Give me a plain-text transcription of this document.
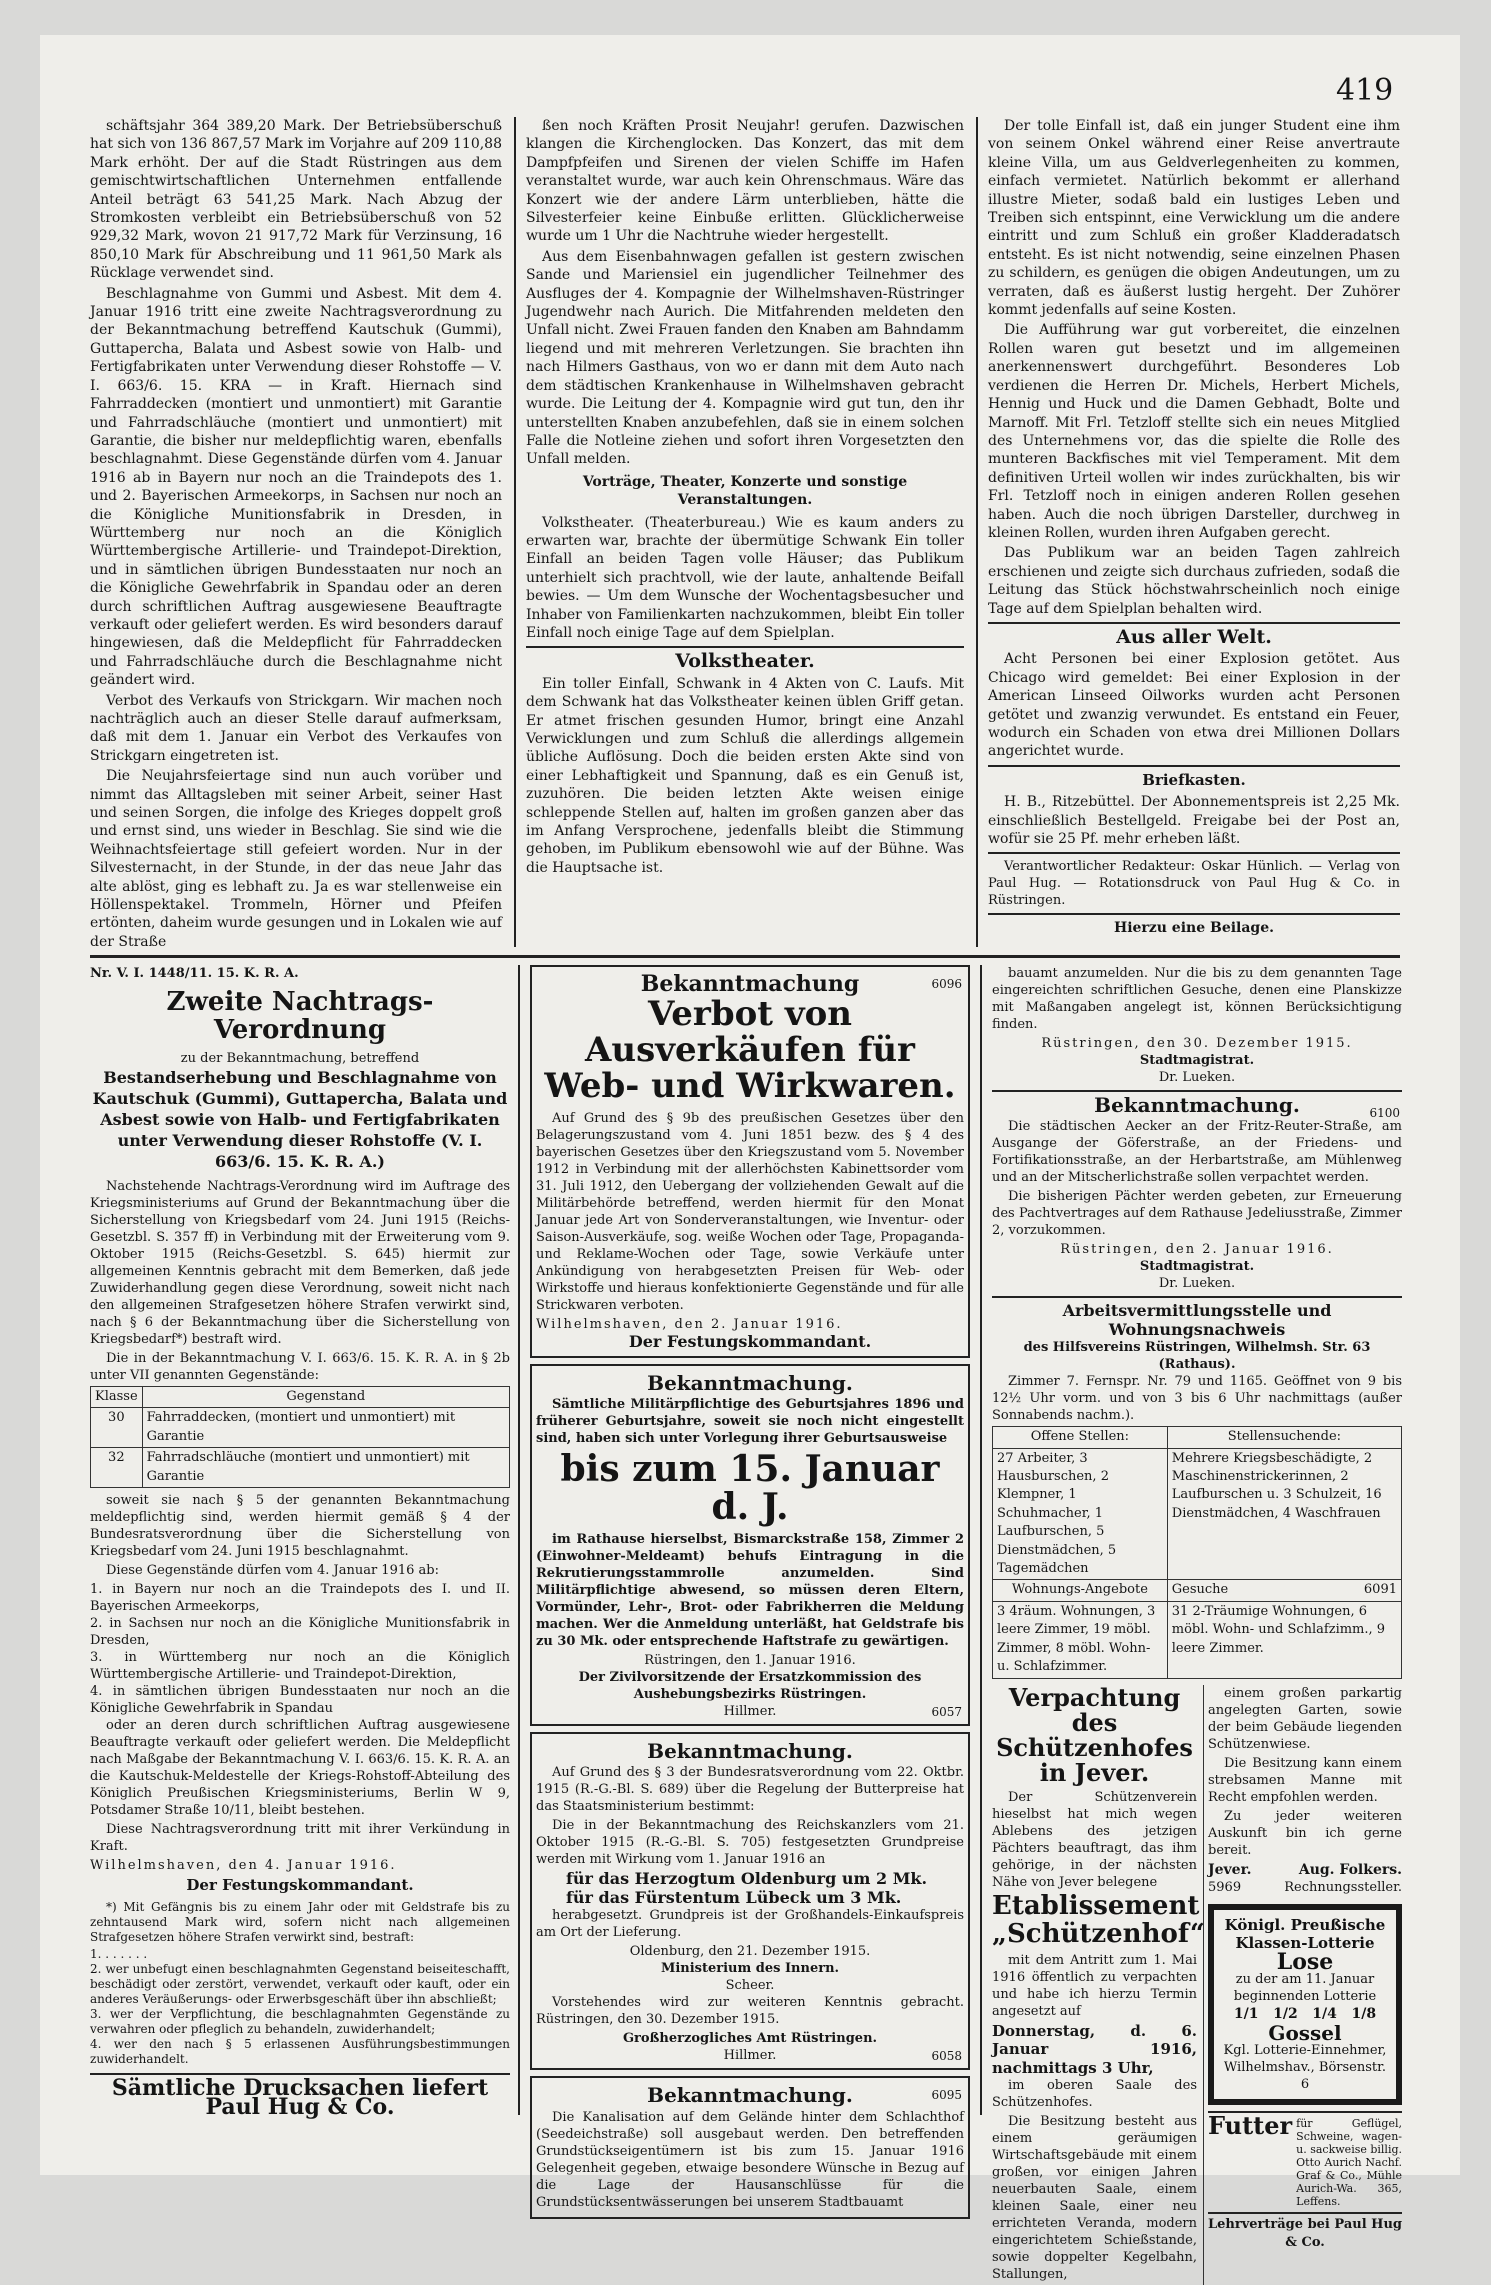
419

schäftsjahr 364 389,20 Mark. Der Betriebsüberschuß hat sich von 136 867,57 Mark im Vorjahre auf 209 110,88 Mark erhöht. Der auf die Stadt Rüstringen aus dem gemischtwirtschaftlichen Unternehmen entfallende Anteil beträgt 63 541,25 Mark. Nach Abzug der Stromkosten verbleibt ein Betriebsüberschuß von 52 929,32 Mark, wovon 21 917,72 Mark für Verzinsung, 16 850,10 Mark für Abschreibung und 11 961,50 Mark als Rücklage verwendet sind.

Beschlagnahme von Gummi und Asbest. Mit dem 4. Januar 1916 tritt eine zweite Nachtragsverordnung zu der Bekanntmachung betreffend Kautschuk (Gummi), Guttapercha, Balata und Asbest sowie von Halb- und Fertigfabrikaten unter Verwendung dieser Rohstoffe — V. I. 663/6. 15. KRA — in Kraft. Hiernach sind Fahrraddecken (montiert und unmontiert) mit Garantie und Fahrradschläuche (montiert und unmontiert) mit Garantie, die bisher nur meldepflichtig waren, ebenfalls beschlagnahmt. Diese Gegenstände dürfen vom 4. Januar 1916 ab in Bayern nur noch an die Traindepots des 1. und 2. Bayerischen Armeekorps, in Sachsen nur noch an die Königliche Munitionsfabrik in Dresden, in Württemberg nur noch an die Königlich Württembergische Artillerie- und Traindepot-Direktion, und in sämtlichen übrigen Bundesstaaten nur noch an die Königliche Gewehrfabrik in Spandau oder an deren durch schriftlichen Auftrag ausgewiesene Beauftragte verkauft oder geliefert werden. Es wird besonders darauf hingewiesen, daß die Meldepflicht für Fahrraddecken und Fahrradschläuche durch die Beschlagnahme nicht geändert wird.

Verbot des Verkaufs von Strickgarn. Wir machen noch nachträglich auch an dieser Stelle darauf aufmerksam, daß mit dem 1. Januar ein Verbot des Verkaufes von Strickgarn eingetreten ist.

Die Neujahrsfeiertage sind nun auch vorüber und nimmt das Alltagsleben mit seiner Arbeit, seiner Hast und seinen Sorgen, die infolge des Krieges doppelt groß und ernst sind, uns wieder in Beschlag. Sie sind wie die Weihnachtsfeiertage still gefeiert worden. Nur in der Silvesternacht, in der Stunde, in der das neue Jahr das alte ablöst, ging es lebhaft zu. Ja es war stellenweise ein Höllenspektakel. Trommeln, Hörner und Pfeifen ertönten, daheim wurde gesungen und in Lokalen wie auf der Straße

ßen noch Kräften Prosit Neujahr! gerufen. Dazwischen klangen die Kirchenglocken. Das Konzert, das mit dem Dampfpfeifen und Sirenen der vielen Schiffe im Hafen veranstaltet wurde, war auch kein Ohrenschmaus. Wäre das Konzert wie der andere Lärm unterblieben, hätte die Silvesterfeier keine Einbuße erlitten. Glücklicherweise wurde um 1 Uhr die Nachtruhe wieder hergestellt.

Aus dem Eisenbahnwagen gefallen ist gestern zwischen Sande und Mariensiel ein jugendlicher Teilnehmer des Ausfluges der 4. Kompagnie der Wilhelmshaven-Rüstringer Jugendwehr nach Aurich. Die Mitfahrenden meldeten den Unfall nicht. Zwei Frauen fanden den Knaben am Bahndamm liegend und mit mehreren Verletzungen. Sie brachten ihn nach Hilmers Gasthaus, von wo er dann mit dem Auto nach dem städtischen Krankenhause in Wilhelmshaven gebracht wurde. Die Leitung der 4. Kompagnie wird gut tun, den ihr unterstellten Knaben anzubefehlen, daß sie in einem solchen Falle die Notleine ziehen und sofort ihren Vorgesetzten den Unfall melden.

Vorträge, Theater, Konzerte und sonstige Veranstaltungen.

Volkstheater. (Theaterbureau.) Wie es kaum anders zu erwarten war, brachte der übermütige Schwank Ein toller Einfall an beiden Tagen volle Häuser; das Publikum unterhielt sich prachtvoll, wie der laute, anhaltende Beifall bewies. — Um dem Wunsche der Wochentagsbesucher und Inhaber von Familienkarten nachzukommen, bleibt Ein toller Einfall noch einige Tage auf dem Spielplan.

Volkstheater.

Ein toller Einfall, Schwank in 4 Akten von C. Laufs. Mit dem Schwank hat das Volkstheater keinen üblen Griff getan. Er atmet frischen gesunden Humor, bringt eine Anzahl Verwicklungen und zum Schluß die allerdings allgemein übliche Auflösung. Doch die beiden ersten Akte sind von einer Lebhaftigkeit und Spannung, daß es ein Genuß ist, zuzuhören. Die beiden letzten Akte weisen einige schleppende Stellen auf, halten im großen ganzen aber das im Anfang Versprochene, jedenfalls bleibt die Stimmung gehoben, im Publikum ebensowohl wie auf der Bühne. Was die Hauptsache ist.

Der tolle Einfall ist, daß ein junger Student eine ihm von seinem Onkel während einer Reise anvertraute kleine Villa, um aus Geldverlegenheiten zu kommen, einfach vermietet. Natürlich bekommt er allerhand illustre Mieter, sodaß bald ein lustiges Leben und Treiben sich entspinnt, eine Verwicklung um die andere eintritt und zum Schluß ein großer Kladderadatsch entsteht. Es ist nicht notwendig, seine einzelnen Phasen zu schildern, es genügen die obigen Andeutungen, um zu verraten, daß es äußerst lustig hergeht. Der Zuhörer kommt jedenfalls auf seine Kosten.

Die Aufführung war gut vorbereitet, die einzelnen Rollen waren gut besetzt und im allgemeinen anerkennenswert durchgeführt. Besonderes Lob verdienen die Herren Dr. Michels, Herbert Michels, Hennig und Huck und die Damen Gebhadt, Bolte und Marnoff. Mit Frl. Tetzloff stellte sich ein neues Mitglied des Unternehmens vor, das die spielte die Rolle des munteren Backfisches mit viel Temperament. Mit dem definitiven Urteil wollen wir indes zurückhalten, bis wir Frl. Tetzloff noch in einigen anderen Rollen gesehen haben. Auch die noch übrigen Darsteller, durchweg in kleinen Rollen, wurden ihren Aufgaben gerecht.

Das Publikum war an beiden Tagen zahlreich erschienen und zeigte sich durchaus zufrieden, sodaß die Leitung das Stück höchstwahrscheinlich noch einige Tage auf dem Spielplan behalten wird.

Aus aller Welt.

Acht Personen bei einer Explosion getötet. Aus Chicago wird gemeldet: Bei einer Explosion in der American Linseed Oilworks wurden acht Personen getötet und zwanzig verwundet. Es entstand ein Feuer, wodurch ein Schaden von etwa drei Millionen Dollars angerichtet wurde.

Briefkasten.

H. B., Ritzebüttel. Der Abonnementspreis ist 2,25 Mk. einschließlich Bestellgeld. Freigabe bei der Post an, wofür sie 25 Pf. mehr erheben läßt.

Verantwortlicher Redakteur: Oskar Hünlich. — Verlag von Paul Hug. — Rotationsdruck von Paul Hug & Co. in Rüstringen.

Hierzu eine Beilage.
Nr. V. I. 1448/11. 15. K. R. A.
Zweite Nachtrags-Verordnung
zu der Bekanntmachung, betreffend
Bestandserhebung und Beschlagnahme von Kautschuk (Gummi), Guttapercha, Balata und Asbest sowie von Halb- und Fertigfabrikaten unter Verwendung dieser Rohstoffe (V. I. 663/6. 15. K. R. A.)

Nachstehende Nachtrags-Verordnung wird im Auftrage des Kriegsministeriums auf Grund der Bekanntmachung über die Sicherstellung von Kriegsbedarf vom 24. Juni 1915 (Reichs-Gesetzbl. S. 357 ff) in Verbindung mit der Erweiterung vom 9. Oktober 1915 (Reichs-Gesetzbl. S. 645) hiermit zur allgemeinen Kenntnis gebracht mit dem Bemerken, daß jede Zuwiderhandlung gegen diese Verordnung, soweit nicht nach den allgemeinen Strafgesetzen höhere Strafen verwirkt sind, nach § 6 der Bekanntmachung über die Sicherstellung von Kriegsbedarf*) bestraft wird.

Die in der Bekanntmachung V. I. 663/6. 15. K. R. A. in § 2b unter VII genannten Gegenstände:

Klasse	Gegenstand
30	Fahrraddecken, (montiert und unmontiert) mit Garantie
32	Fahrradschläuche (montiert und unmontiert) mit Garantie

soweit sie nach § 5 der genannten Bekanntmachung meldepflichtig sind, werden hiermit gemäß § 4 der Bundesratsverordnung über die Sicherstellung von Kriegsbedarf vom 24. Juni 1915 beschlagnahmt.

Diese Gegenstände dürfen vom 4. Januar 1916 ab:

1. in Bayern nur noch an die Traindepots des I. und II. Bayerischen Armeekorps,
2. in Sachsen nur noch an die Königliche Munitionsfabrik in Dresden,
3. in Württemberg nur noch an die Königlich Württembergische Artillerie- und Traindepot-Direktion,
4. in sämtlichen übrigen Bundesstaaten nur noch an die Königliche Gewehrfabrik in Spandau

oder an deren durch schriftlichen Auftrag ausgewiesene Beauftragte verkauft oder geliefert werden. Die Meldepflicht nach Maßgabe der Bekanntmachung V. I. 663/6. 15. K. R. A. an die Kautschuk-Meldestelle der Kriegs-Rohstoff-Abteilung des Königlich Preußischen Kriegsministeriums, Berlin W 9, Potsdamer Straße 10/11, bleibt bestehen.

Diese Nachtragsverordnung tritt mit ihrer Verkündung in Kraft.

Wilhelmshaven, den 4. Januar 1916.
Der Festungskommandant.

*) Mit Gefängnis bis zu einem Jahr oder mit Geldstrafe bis zu zehntausend Mark wird, sofern nicht nach allgemeinen Strafgesetzen höhere Strafen verwirkt sind, bestraft:

1. . . . . . .
2. wer unbefugt einen beschlagnahmten Gegenstand beiseiteschafft, beschädigt oder zerstört, verwendet, verkauft oder kauft, oder ein anderes Veräußerungs- oder Erwerbsgeschäft über ihn abschließt;
3. wer der Verpflichtung, die beschlagnahmten Gegenstände zu verwahren oder pfleglich zu behandeln, zuwiderhandelt;
4. wer den nach § 5 erlassenen Ausführungsbestimmungen zuwiderhandelt.
Sämtliche Drucksachen liefert Paul Hug & Co.
Bekanntmachung	6096
Verbot von Ausverkäufen für Web- und Wirkwaren.

Auf Grund des § 9b des preußischen Gesetzes über den Belagerungszustand vom 4. Juni 1851 bezw. des § 4 des bayerischen Gesetzes über den Kriegszustand vom 5. November 1912 in Verbindung mit der allerhöchsten Kabinettsorder vom 31. Juli 1912, den Uebergang der vollziehenden Gewalt auf die Militärbehörde betreffend, werden hiermit für den Monat Januar jede Art von Sonderveranstaltungen, wie Inventur- oder Saison-Ausverkäufe, sog. weiße Wochen oder Tage, Propaganda- und Reklame-Wochen oder Tage, sowie Verkäufe unter Ankündigung von herabgesetzten Preisen für Web- oder Wirkstoffe und hieraus konfektionierte Gegenstände und für alle Strickwaren verboten.

Wilhelmshaven, den 2. Januar 1916.
Der Festungskommandant.
Bekanntmachung.

Sämtliche Militärpflichtige des Geburtsjahres 1896 und früherer Geburtsjahre, soweit sie noch nicht eingestellt sind, haben sich unter Vorlegung ihrer Geburtsausweise

bis zum 15. Januar d. J.

im Rathause hierselbst, Bismarckstraße 158, Zimmer 2 (Einwohner-Meldeamt) behufs Eintragung in die Rekrutierungsstammrolle anzumelden. Sind Militärpflichtige abwesend, so müssen deren Eltern, Vormünder, Lehr-, Brot- oder Fabrikherren die Meldung machen. Wer die Anmeldung unterläßt, hat Geldstrafe bis zu 30 Mk. oder entsprechende Haftstrafe zu gewärtigen.

Rüstringen, den 1. Januar 1916.
Der Zivilvorsitzende der Ersatzkommission des Aushebungsbezirks Rüstringen.
Hillmer.	6057
Bekanntmachung.

Auf Grund des § 3 der Bundesratsverordnung vom 22. Oktbr. 1915 (R.-G.-Bl. S. 689) über die Regelung der Butterpreise hat das Staatsministerium bestimmt:

Die in der Bekanntmachung des Reichskanzlers vom 21. Oktober 1915 (R.-G.-Bl. S. 705) festgesetzten Grundpreise werden mit Wirkung vom 1. Januar 1916 an

für das Herzogtum Oldenburg um 2 Mk.
für das Fürstentum Lübeck um 3 Mk.

herabgesetzt. Grundpreis ist der Großhandels-Einkaufspreis am Ort der Lieferung.

Oldenburg, den 21. Dezember 1915.
Ministerium des Innern.
Scheer.

Vorstehendes wird zur weiteren Kenntnis gebracht. Rüstringen, den 30. Dezember 1915.

Großherzogliches Amt Rüstringen.
Hillmer.	6058
Bekanntmachung.	6095

Die Kanalisation auf dem Gelände hinter dem Schlachthof (Seedeichstraße) soll ausgebaut werden. Den betreffenden Grundstückseigentümern ist bis zum 15. Januar 1916 Gelegenheit gegeben, etwaige besondere Wünsche in Bezug auf die Lage der Hausanschlüsse für die Grundstücksentwässerungen bei unserem Stadtbauamt

bauamt anzumelden. Nur die bis zu dem genannten Tage eingereichten schriftlichen Gesuche, denen eine Planskizze mit Maßangaben angelegt ist, können Berücksichtigung finden.

Rüstringen, den 30. Dezember 1915.
Stadtmagistrat.
Dr. Lueken.
Bekanntmachung.	6100

Die städtischen Aecker an der Fritz-Reuter-Straße, am Ausgange der Göferstraße, an der Friedens- und Fortifikationsstraße, an der Herbartstraße, am Mühlenweg und an der Mitscherlichstraße sollen verpachtet werden.

Die bisherigen Pächter werden gebeten, zur Erneuerung des Pachtvertrages auf dem Rathause Jedeliusstraße, Zimmer 2, vorzukommen.

Rüstringen, den 2. Januar 1916.
Stadtmagistrat.
Dr. Lueken.
Arbeitsvermittlungsstelle und Wohnungsnachweis
des Hilfsvereins Rüstringen, Wilhelmsh. Str. 63 (Rathaus).

Zimmer 7. Fernspr. Nr. 79 und 1165. Geöffnet von 9 bis 12½ Uhr vorm. und von 3 bis 6 Uhr nachmittags (außer Sonnabends nachm.).

Offene Stellen:	Stellensuchende:
27 Arbeiter, 3 Hausburschen, 2 Klempner, 1 Schuhmacher, 1 Laufburschen, 5 Dienstmädchen, 5 Tagemädchen	Mehrere Kriegsbeschädigte, 2 Maschinenstrickerinnen, 2 Laufburschen u. 3 Schulzeit, 16 Dienstmädchen, 4 Waschfrauen
Wohnungs-Angebote	Gesuche 6091

3 4räum. Wohnungen, 3 leere Zimmer, 19 möbl. Zimmer, 8 möbl. Wohn- u. Schlafzimmer.	31 2-Träumige Wohnungen, 6 möbl. Wohn- und Schlafzimm., 9 leere Zimmer.
Verpachtung
des Schützenhofes
in Jever.

Der Schützenverein hieselbst hat mich wegen Ablebens des jetzigen Pächters beauftragt, das ihm gehörige, in der nächsten Nähe von Jever belegene

Etablissement
„Schützenhof“

mit dem Antritt zum 1. Mai 1916 öffentlich zu verpachten und habe ich hierzu Termin angesetzt auf

Donnerstag, d. 6. Januar 1916, nachmittags 3 Uhr,

im oberen Saale des Schützenhofes.

Die Besitzung besteht aus einem geräumigen Wirtschaftsgebäude mit einem großen, vor einigen Jahren neuerbauten Saale, einem kleinen Saale, einer neu errichteten Veranda, modern eingerichtetem Schießstande, sowie doppelter Kegelbahn, Stallungen,

einem großen parkartig angelegten Garten, sowie der beim Gebäude liegenden Schützenwiese.

Die Besitzung kann einem strebsamen Manne mit Recht empfohlen werden.

Zu jeder weiteren Auskunft bin ich gerne bereit.

Jever.	Aug. Folkers.
5969	Rechnungssteller.
Königl. Preußische
Klassen-Lotterie
Lose
zu der am 11. Januar beginnenden Lotterie
1/1   1/2   1/4   1/8
Gossel
Kgl. Lotterie-Einnehmer, Wilhelmshav., Börsenstr. 6
Futter für Geflügel, Schweine, wagen- u. sackweise billig. Otto Aurich Nachf. Graf & Co., Mühle Aurich-Wa. 365, Leffens.
Lehrverträge bei Paul Hug & Co.
